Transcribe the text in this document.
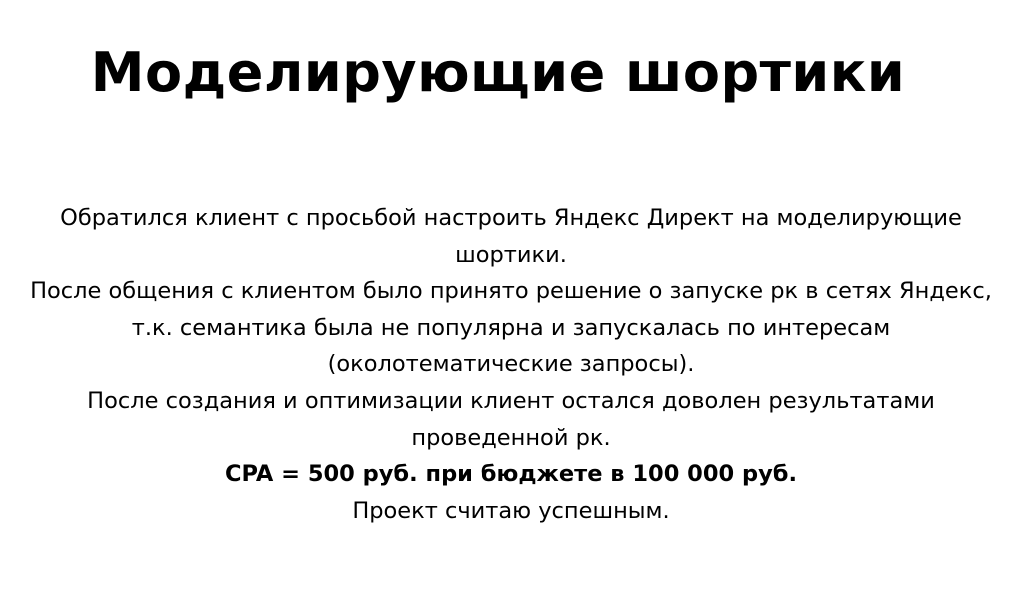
Моделирующие шортики

Обратился клиент с просьбой настроить Яндекс Директ на моделирующие шортики.

После общения с клиентом было принято решение о запуске рк в сетях Яндекс, т.к. семантика была не популярна и запускалась по интересам (околотематические запросы).

После создания и оптимизации клиент остался доволен результатами проведенной рк.

CPA = 500 руб. при бюджете в 100 000 руб.

Проект считаю успешным.
